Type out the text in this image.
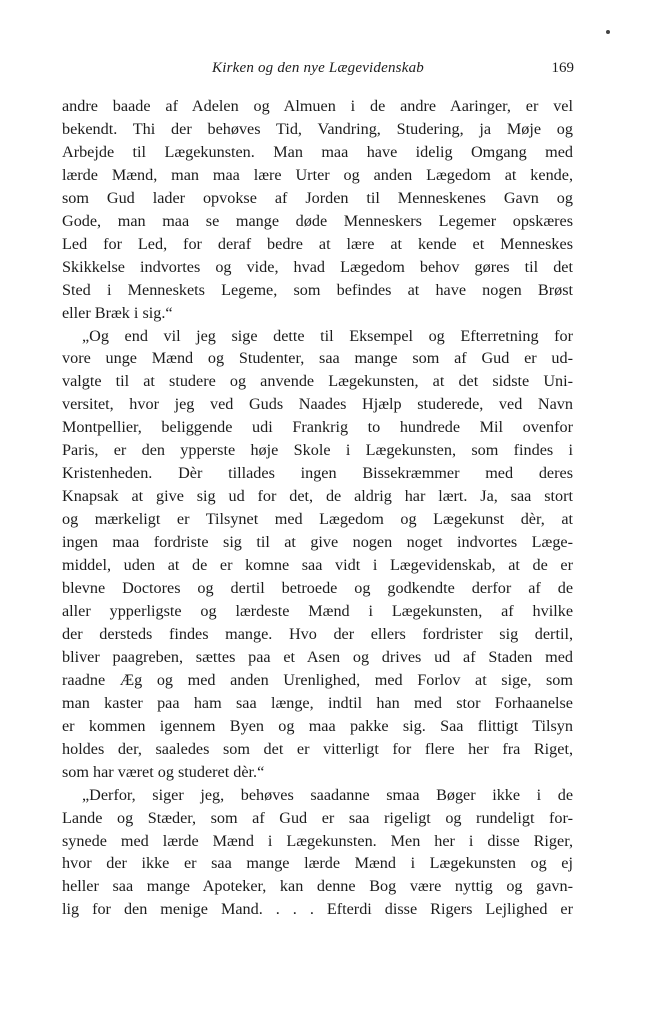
Kirken og den nye Lægevidenskab	169
andre baade af Adelen og Almuen i de andre Aaringer, er vel
bekendt. Thi der behøves Tid, Vandring, Studering, ja Møje og
Arbejde til Lægekunsten. Man maa have idelig Omgang med
lærde Mænd, man maa lære Urter og anden Lægedom at kende,
som Gud lader opvokse af Jorden til Menneskenes Gavn og
Gode, man maa se mange døde Menneskers Legemer opskæres
Led for Led, for deraf bedre at lære at kende et Menneskes
Skikkelse indvortes og vide, hvad Lægedom behov gøres til det
Sted i Menneskets Legeme, som befindes at have nogen Brøst
eller Bræk i sig.“
„Og end vil jeg sige dette til Eksempel og Efterretning for
vore unge Mænd og Studenter, saa mange som af Gud er ud-
valgte til at studere og anvende Lægekunsten, at det sidste Uni-
versitet, hvor jeg ved Guds Naades Hjælp studerede, ved Navn
Montpellier, beliggende udi Frankrig to hundrede Mil ovenfor
Paris, er den ypperste høje Skole i Lægekunsten, som findes i
Kristenheden. Dèr tillades ingen Bissekræmmer med deres
Knapsak at give sig ud for det, de aldrig har lært. Ja, saa stort
og mærkeligt er Tilsynet med Lægedom og Lægekunst dèr, at
ingen maa fordriste sig til at give nogen noget indvortes Læge-
middel, uden at de er komne saa vidt i Lægevidenskab, at de er
blevne Doctores og dertil betroede og godkendte derfor af de
aller ypperligste og lærdeste Mænd i Lægekunsten, af hvilke
der dersteds findes mange. Hvo der ellers fordrister sig dertil,
bliver paagreben, sættes paa et Asen og drives ud af Staden med
raadne Æg og med anden Urenlighed, med Forlov at sige, som
man kaster paa ham saa længe, indtil han med stor Forhaanelse
er kommen igennem Byen og maa pakke sig. Saa flittigt Tilsyn
holdes der, saaledes som det er vitterligt for flere her fra Riget,
som har været og studeret dèr.“
„Derfor, siger jeg, behøves saadanne smaa Bøger ikke i de
Lande og Stæder, som af Gud er saa rigeligt og rundeligt for-
synede med lærde Mænd i Lægekunsten. Men her i disse Riger,
hvor der ikke er saa mange lærde Mænd i Lægekunsten og ej
heller saa mange Apoteker, kan denne Bog være nyttig og gavn-
lig for den menige Mand. . . . Efterdi disse Rigers Lejlighed er
